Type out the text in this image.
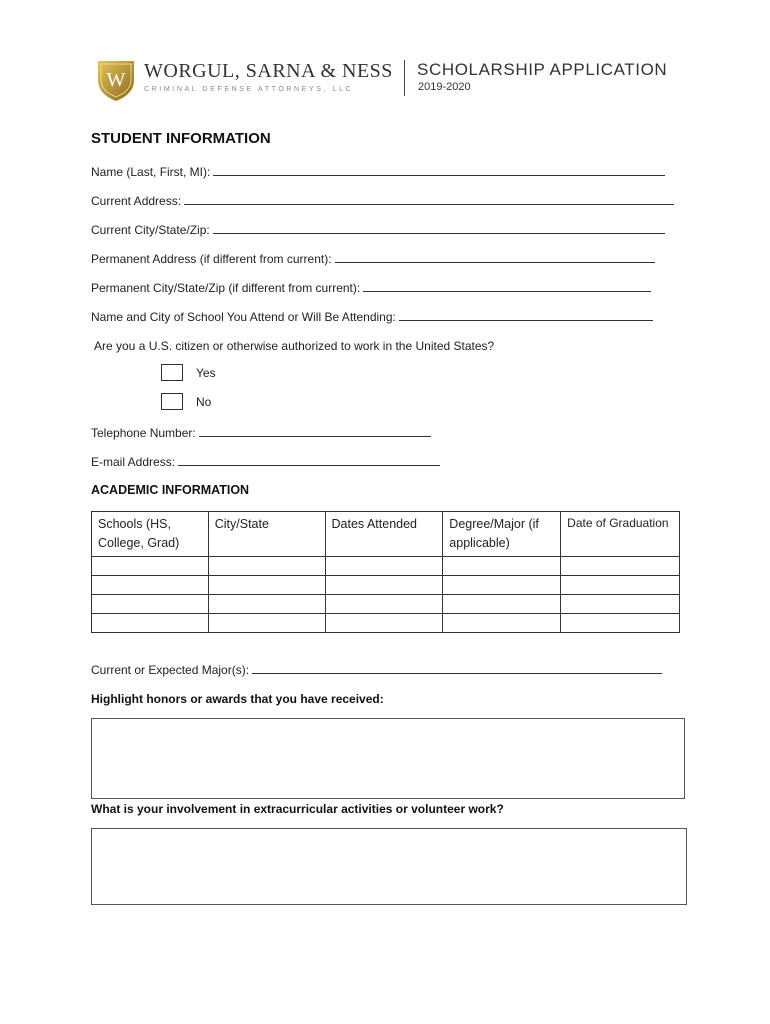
W WORGUL, SARNA & NESS
CRIMINAL DEFENSE ATTORNEYS, LLC
SCHOLARSHIP APPLICATION
2019-2020
STUDENT INFORMATION
Name (Last, First, MI):
Current Address:
Current City/State/Zip:
Permanent Address (if different from current):
Permanent City/State/Zip (if different from current):
Name and City of School You Attend or Will Be Attending:
Are you a U.S. citizen or otherwise authorized to work in the United States?
Yes
No
Telephone Number:
E-mail Address:
ACADEMIC INFORMATION
Schools (HS, College, Grad)	City/State	Dates Attended	Degree/Major (if applicable)	Date of Graduation

Current or Expected Major(s):
Highlight honors or awards that you have received:
What is your involvement in extracurricular activities or volunteer work?
